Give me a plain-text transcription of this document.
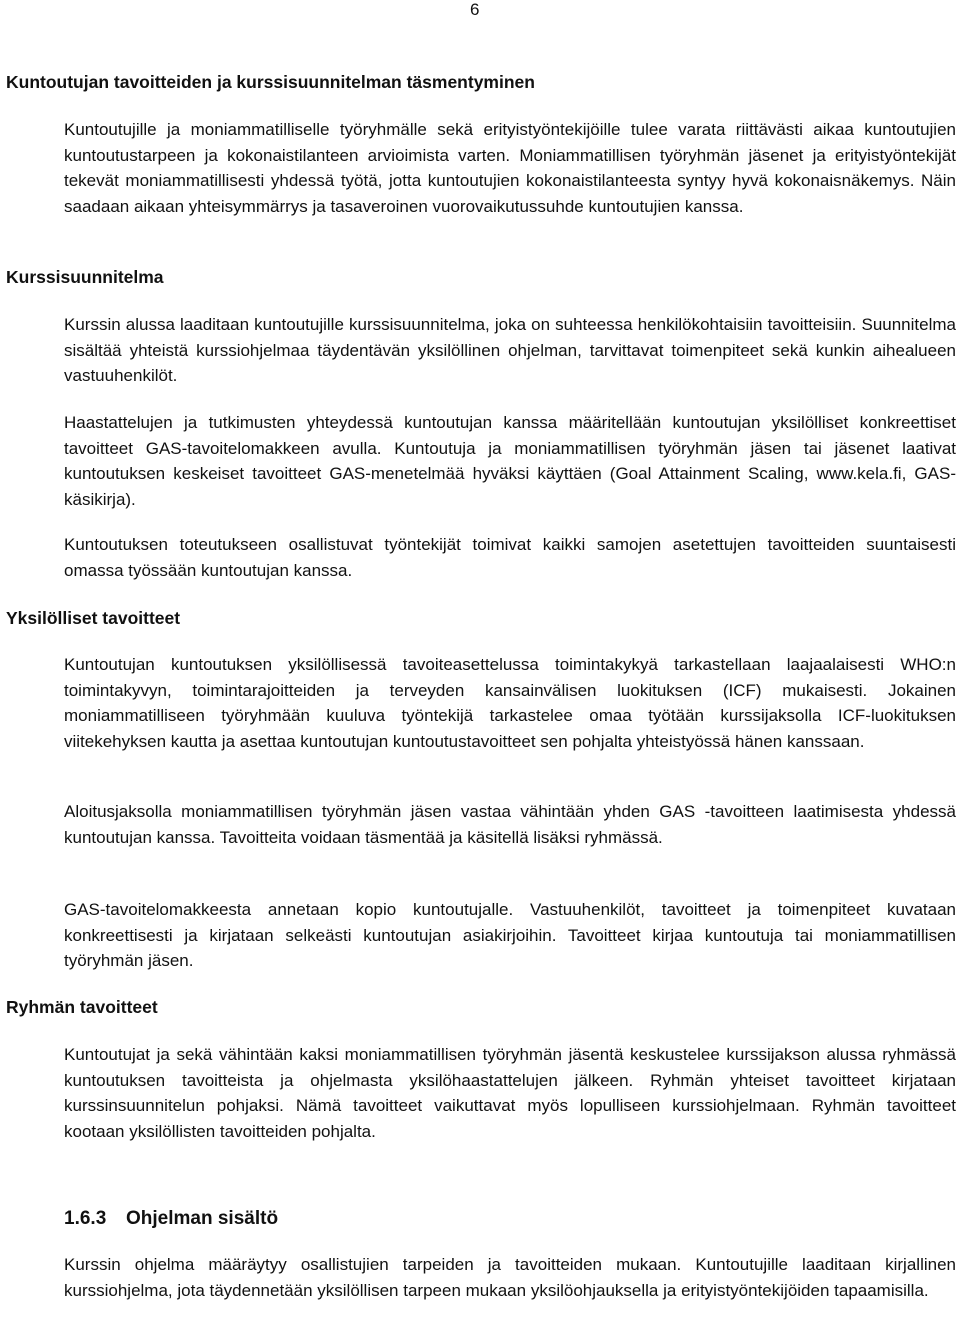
6
Kuntoutujan tavoitteiden ja kurssisuunnitelman täsmentyminen

Kuntoutujille ja moniammatilliselle työryhmälle sekä erityistyöntekijöille tulee varata riittävästi aikaa kuntoutujien kuntoutustarpeen ja kokonaistilanteen arvioimista varten. Moniammatillisen työryhmän jäsenet ja erityistyöntekijät tekevät moniammatillisesti yhdessä työtä, jotta kuntoutujien kokonaistilanteesta syntyy hyvä kokonaisnäkemys. Näin saadaan aikaan yhteisymmärrys ja tasaveroinen vuorovaikutussuhde kuntoutujien kanssa.

Kurssisuunnitelma

Kurssin alussa laaditaan kuntoutujille kurssisuunnitelma, joka on suhteessa henkilökohtaisiin tavoitteisiin. Suunnitelma sisältää yhteistä kurssiohjelmaa täydentävän yksilöllinen ohjelman, tarvittavat toimenpiteet sekä kunkin aihealueen vastuuhenkilöt.

Haastattelujen ja tutkimusten yhteydessä kuntoutujan kanssa määritellään kuntoutujan yksilölliset konkreettiset tavoitteet GAS-tavoitelomakkeen avulla. Kuntoutuja ja moniammatillisen työryhmän jäsen tai jäsenet laativat kuntoutuksen keskeiset tavoitteet GAS-menetelmää hyväksi käyttäen (Goal Attainment Scaling, www.kela.fi, GAS-käsikirja).

Kuntoutuksen toteutukseen osallistuvat työntekijät toimivat kaikki samojen asetettujen tavoitteiden suuntaisesti omassa työssään kuntoutujan kanssa.

Yksilölliset tavoitteet

Kuntoutujan kuntoutuksen yksilöllisessä tavoiteasettelussa toimintakykyä tarkastellaan laajaalaisesti WHO:n toimintakyvyn, toimintarajoitteiden ja terveyden kansainvälisen luokituksen (ICF) mukaisesti. Jokainen moniammatilliseen työryhmään kuuluva työntekijä tarkastelee omaa työtään kurssijaksolla ICF-luokituksen viitekehyksen kautta ja asettaa kuntoutujan kuntoutustavoitteet sen pohjalta yhteistyössä hänen kanssaan.

Aloitusjaksolla moniammatillisen työryhmän jäsen vastaa vähintään yhden GAS -tavoitteen laatimisesta yhdessä kuntoutujan kanssa. Tavoitteita voidaan täsmentää ja käsitellä lisäksi ryhmässä.

GAS-tavoitelomakkeesta annetaan kopio kuntoutujalle. Vastuuhenkilöt, tavoitteet ja toimenpiteet kuvataan konkreettisesti ja kirjataan selkeästi kuntoutujan asiakirjoihin. Tavoitteet kirjaa kuntoutuja tai moniammatillisen työryhmän jäsen.

Ryhmän tavoitteet

Kuntoutujat ja sekä vähintään kaksi moniammatillisen työryhmän jäsentä keskustelee kurssijakson alussa ryhmässä kuntoutuksen tavoitteista ja ohjelmasta yksilöhaastattelujen jälkeen. Ryhmän yhteiset tavoitteet kirjataan kurssinsuunnitelun pohjaksi. Nämä tavoitteet vaikuttavat myös lopulliseen kurssiohjelmaan. Ryhmän tavoitteet kootaan yksilöllisten tavoitteiden pohjalta.

1.6.3 Ohjelman sisältö

Kurssin ohjelma määräytyy osallistujien tarpeiden ja tavoitteiden mukaan. Kuntoutujille laaditaan kirjallinen kurssiohjelma, jota täydennetään yksilöllisen tarpeen mukaan yksilöohjauksella ja erityistyöntekijöiden tapaamisilla.
